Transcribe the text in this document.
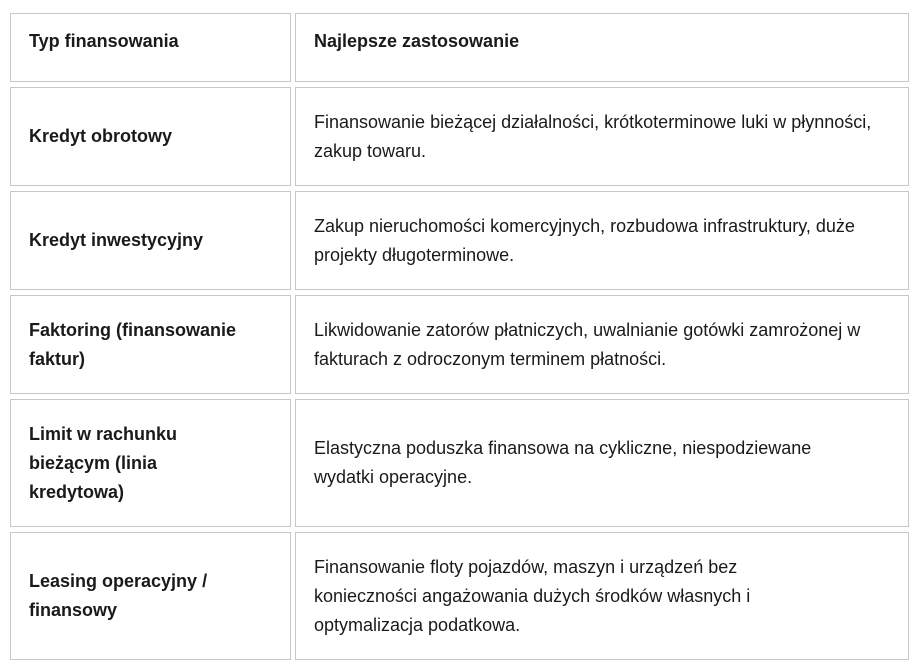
Typ finansowania	Najlepsze zastosowanie
Kredyt obrotowy
Finansowanie bieżącej działalności, krótkoterminowe luki w płynności, zakup towaru.
Kredyt inwestycyjny
Zakup nieruchomości komercyjnych, rozbudowa infrastruktury, duże projekty długoterminowe.
Faktoring (finansowanie faktur)
Likwidowanie zatorów płatniczych, uwalnianie gotówki zamrożonej w fakturach z odroczonym terminem płatności.
Limit w rachunku bieżącym (linia kredytowa)
Elastyczna poduszka finansowa na cykliczne, niespodziewane wydatki operacyjne.
Leasing operacyjny / finansowy
Finansowanie floty pojazdów, maszyn i urządzeń bez konieczności angażowania dużych środków własnych i optymalizacja podatkowa.
